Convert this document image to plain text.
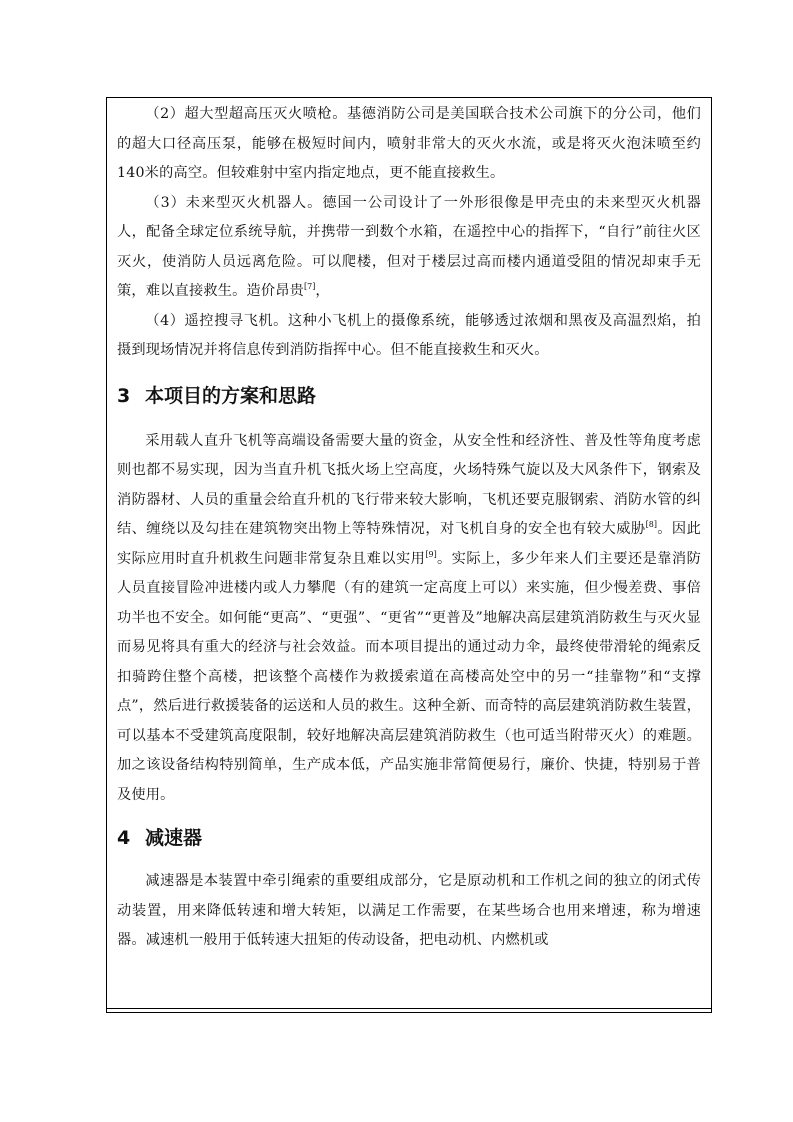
（2）超大型超高压灭火喷枪。基德消防公司是美国联合技术公司旗下的分公司，他们的超大口径高压泵，能够在极短时间内，喷射非常大的灭火水流，或是将灭火泡沫喷至约140米的高空。但较难射中室内指定地点，更不能直接救生。

（3）未来型灭火机器人。德国一公司设计了一外形很像是甲壳虫的未来型灭火机器人，配备全球定位系统导航，并携带一到数个水箱，在遥控中心的指挥下，“自行”前往火区灭火，使消防人员远离危险。可以爬楼，但对于楼层过高而楼内通道受阻的情况却束手无策，难以直接救生。造价昂贵[7]，

（4）遥控搜寻飞机。这种小飞机上的摄像系统，能够透过浓烟和黑夜及高温烈焰，拍摄到现场情况并将信息传到消防指挥中心。但不能直接救生和灭火。

3 本项目的方案和思路

采用载人直升飞机等高端设备需要大量的资金，从安全性和经济性、普及性等角度考虑则也都不易实现，因为当直升机飞抵火场上空高度，火场特殊气旋以及大风条件下，钢索及消防器材、人员的重量会给直升机的飞行带来较大影响，飞机还要克服钢索、消防水管的纠结、缠绕以及勾挂在建筑物突出物上等特殊情况，对飞机自身的安全也有较大威胁[8]。因此实际应用时直升机救生问题非常复杂且难以实用[9]。实际上，多少年来人们主要还是靠消防人员直接冒险冲进楼内或人力攀爬（有的建筑一定高度上可以）来实施，但少慢差费、事倍功半也不安全。如何能“更高”、“更强”、“更省”“更普及”地解决高层建筑消防救生与灭火显而易见将具有重大的经济与社会效益。而本项目提出的通过动力伞，最终使带滑轮的绳索反扣骑跨住整个高楼，把该整个高楼作为救援索道在高楼高处空中的另一“挂靠物”和“支撑点”，然后进行救援装备的运送和人员的救生。这种全新、而奇特的高层建筑消防救生装置，可以基本不受建筑高度限制，较好地解决高层建筑消防救生（也可适当附带灭火）的难题。加之该设备结构特别简单，生产成本低，产品实施非常简便易行，廉价、快捷，特别易于普及使用。

4 减速器

减速器是本装置中牵引绳索的重要组成部分，它是原动机和工作机之间的独立的闭式传动装置，用来降低转速和增大转矩，以满足工作需要，在某些场合也用来增速，称为增速器。减速机一般用于低转速大扭矩的传动设备，把电动机、内燃机或
